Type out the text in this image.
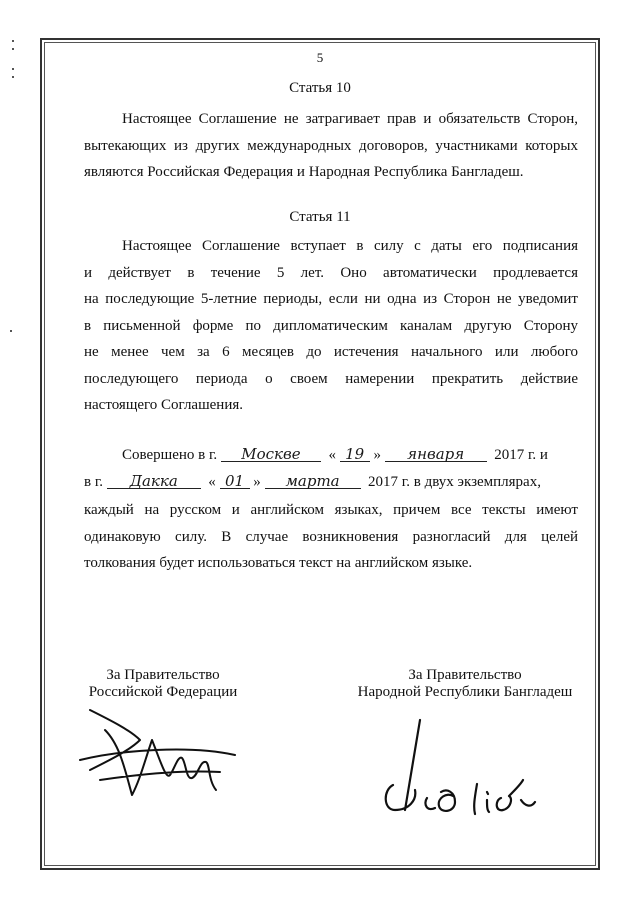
5
Статья 10
Настоящее Соглашение не затрагивает прав и обязательств Сторон,
вытекающих из других международных договоров, участниками которых
являются Российская Федерация и Народная Республика Бангладеш.
Статья 11
Настоящее Соглашение вступает в силу с даты его подписания
и действует в течение 5 лет. Оно автоматически продлевается
на последующие 5-летние периоды, если ни одна из Сторон не уведомит
в письменной форме по дипломатическим каналам другую Сторону
не менее чем за 6 месяцев до истечения начального или любого
последующего периода о своем намерении прекратить действие
настоящего Соглашения.
Совершено в г. Москве « 19 » января 2017 г. и
в г. Дакка « 01 » марта 2017 г. в двух экземплярах,
каждый на русском и английском языках, причем все тексты имеют
одинаковую силу. В случае возникновения разногласий для целей
толкования будет использоваться текст на английском языке.
За Правительство
Российской Федерации
За Правительство
Народной Республики Бангладеш
